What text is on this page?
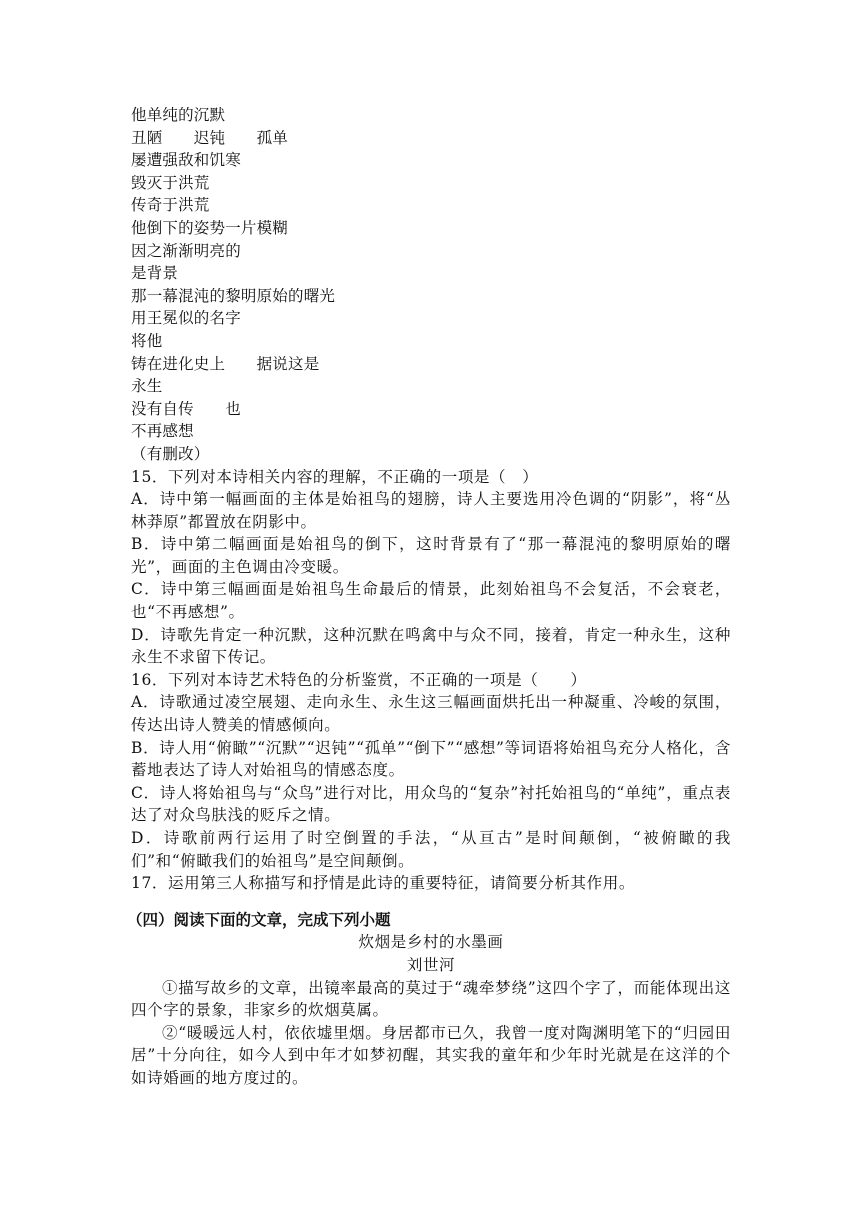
他单纯的沉默
丑陋　　迟钝　　孤单
屡遭强敌和饥寒
毁灭于洪荒
传奇于洪荒
他倒下的姿势一片模糊
因之渐渐明亮的
是背景
那一幕混沌的黎明原始的曙光
用王冕似的名字
将他
铸在进化史上　　据说这是
永生
没有自传　　也
不再感想
（有删改）
15．下列对本诗相关内容的理解，不正确的一项是（　）
A．诗中第一幅画面的主体是始祖鸟的翅膀，诗人主要选用冷色调的“阴影”，将“丛林莽原”都置放在阴影中。
B．诗中第二幅画面是始祖鸟的倒下，这时背景有了“那一幕混沌的黎明原始的曙光”，画面的主色调由冷变暖。
C．诗中第三幅画面是始祖鸟生命最后的情景，此刻始祖鸟不会复活，不会衰老，也“不再感想”。
D．诗歌先肯定一种沉默，这种沉默在鸣禽中与众不同，接着，肯定一种永生，这种永生不求留下传记。
16．下列对本诗艺术特色的分析鉴赏，不正确的一项是（　　）
A．诗歌通过凌空展翅、走向永生、永生这三幅画面烘托出一种凝重、冷峻的氛围，传达出诗人赞美的情感倾向。
B．诗人用“俯瞰”“沉默”“迟钝”“孤单”“倒下”“感想”等词语将始祖鸟充分人格化，含蓄地表达了诗人对始祖鸟的情感态度。
C．诗人将始祖鸟与“众鸟”进行对比，用众鸟的“复杂”衬托始祖鸟的“单纯”，重点表达了对众鸟肤浅的贬斥之情。
D．诗歌前两行运用了时空倒置的手法，“从亘古”是时间颠倒，“被俯瞰的我们”和“俯瞰我们的始祖鸟”是空间颠倒。
17．运用第三人称描写和抒情是此诗的重要特征，请简要分析其作用。
（四）阅读下面的文章，完成下列小题
炊烟是乡村的水墨画
刘世河
①描写故乡的文章，出镜率最高的莫过于“魂牵梦绕”这四个字了，而能体现出这四个字的景象，非家乡的炊烟莫属。
②“暖暖远人村，依依墟里烟。身居都市已久，我曾一度对陶渊明笔下的“归园田居”十分向往，如今人到中年才如梦初醒，其实我的童年和少年时光就是在这洋的个如诗婚画的地方度过的。
